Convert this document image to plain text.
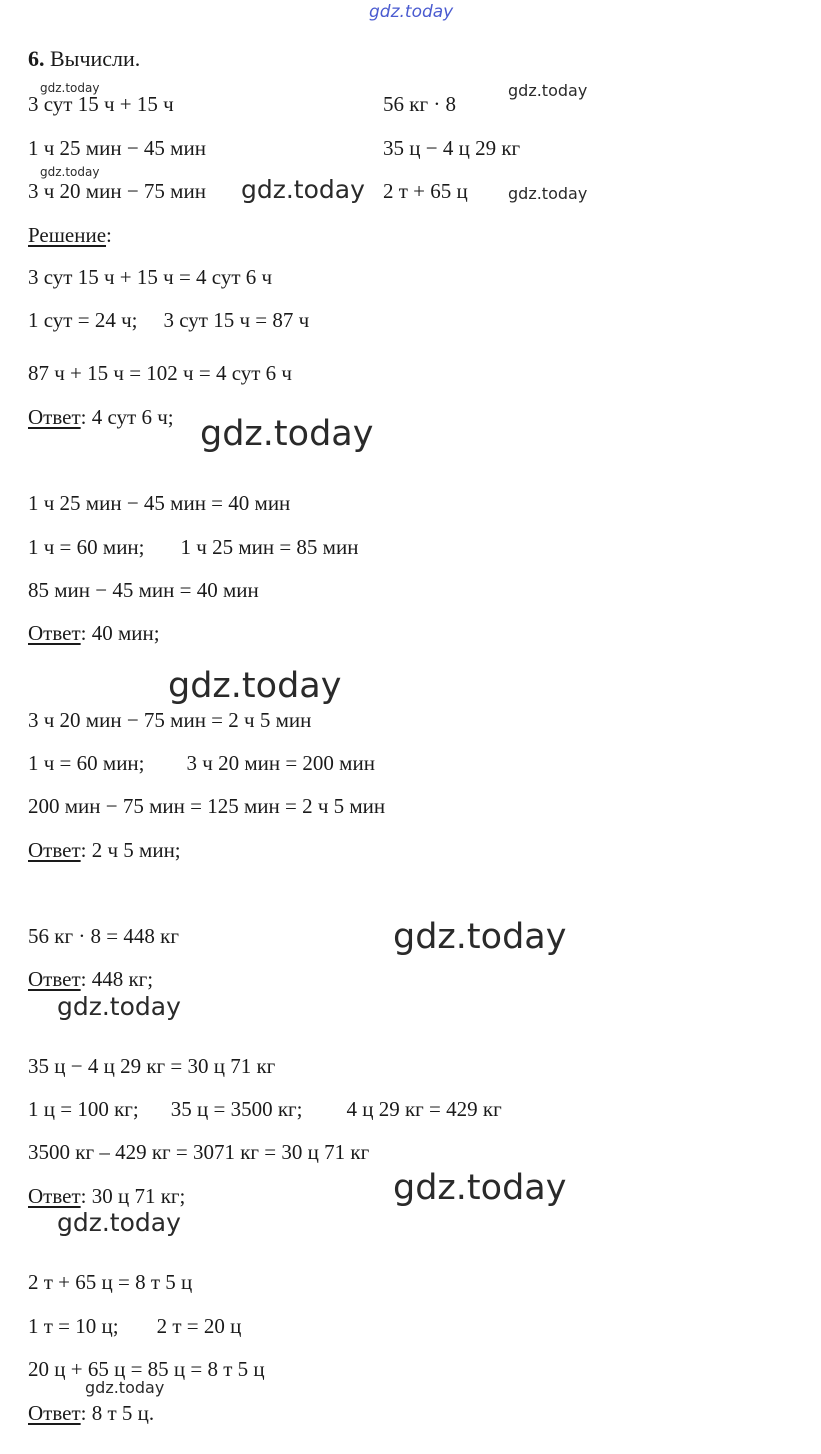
gdz.today
gdz.today	gdz.today
gdz.today
gdz.today	gdz.today
gdz.today
gdz.today
gdz.today
gdz.today
gdz.today
gdz.today
gdz.today
6. Вычисли.
3 сут 15 ч + 15 ч	56 кг · 8
1 ч 25 мин − 45 мин	35 ц − 4 ц 29 кг
3 ч 20 мин − 75 мин	2 т + 65 ц
Решение:
3 сут 15 ч + 15 ч = 4 сут 6 ч
1 сут = 24 ч; 3 сут 15 ч = 87 ч
87 ч + 15 ч = 102 ч = 4 сут 6 ч
Ответ: 4 сут 6 ч;
1 ч 25 мин − 45 мин = 40 мин
1 ч = 60 мин; 1 ч 25 мин = 85 мин
85 мин − 45 мин = 40 мин
Ответ: 40 мин;
3 ч 20 мин − 75 мин = 2 ч 5 мин
1 ч = 60 мин; 3 ч 20 мин = 200 мин
200 мин − 75 мин = 125 мин = 2 ч 5 мин
Ответ: 2 ч 5 мин;
56 кг · 8 = 448 кг
Ответ: 448 кг;
35 ц − 4 ц 29 кг = 30 ц 71 кг
1 ц = 100 кг; 35 ц = 3500 кг; 4 ц 29 кг = 429 кг
3500 кг – 429 кг = 3071 кг = 30 ц 71 кг
Ответ: 30 ц 71 кг;
2 т + 65 ц = 8 т 5 ц
1 т = 10 ц; 2 т = 20 ц
20 ц + 65 ц = 85 ц = 8 т 5 ц
Ответ: 8 т 5 ц.
